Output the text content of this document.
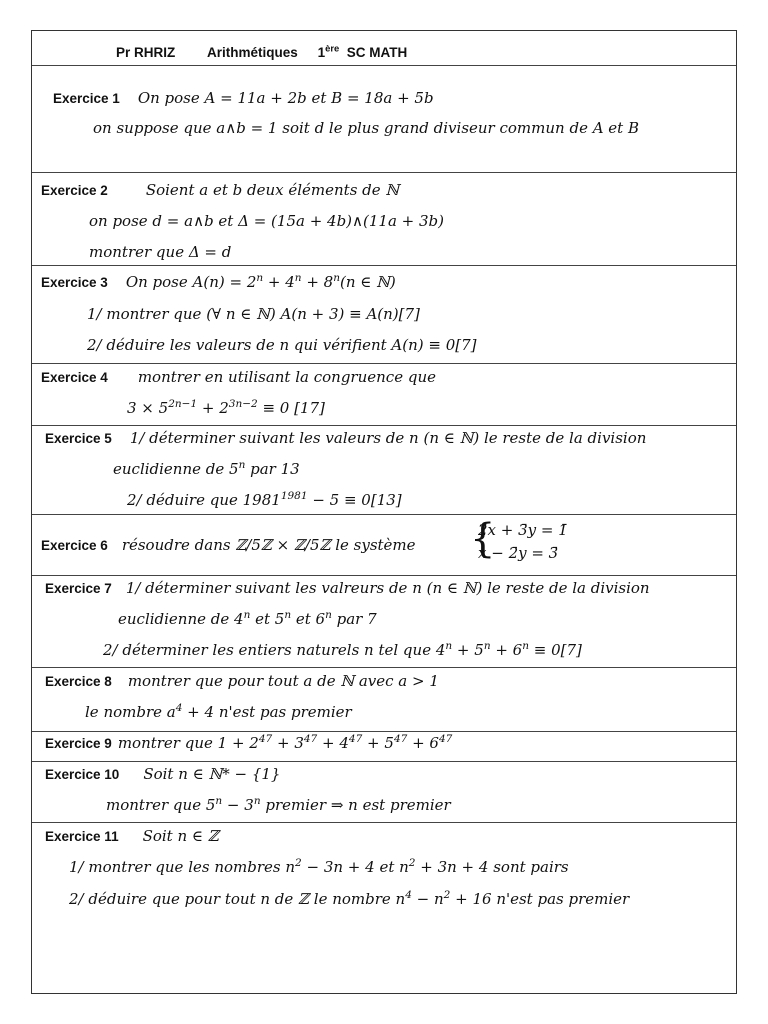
Pr RHRIZ Arithmétiques 1ère SC MATH
Exercice 1 On pose A = 11a + 2b et B = 18a + 5b
on suppose que a∧b = 1 soit d le plus grand diviseur commun de A et B
Exercice 2	Soient a et b deux éléments de ℕ
on pose d = a∧b et Δ = (15a + 4b)∧(11a + 3b)
montrer que Δ = d
Exercice 3 On pose $A(n) = 2^n + 4^n + 8^n(n$ ∈ ℕ)
1/ montrer que (∀ n ∈ ℕ) A(n + 3) ≡ A(n)[7]
2/ déduire les valeurs de n qui vérifient A(n) ≡ 0[7]
Exercice 4 montrer en utilisant la congruence que
$3 \times 5^{2n-1} + 2^{3n-2} \equiv 0$ [17]
Exercice 5 1/ déterminer suivant les valeurs de n (n ∈ ℕ) le reste de la division
euclidienne de 5$^n$ par 13
2/ déduire que $1981^{1981} - 5 \equiv 0[13]$
Exercice 6 résoudre dans ℤ/5ℤ × ℤ/5ℤ le système {
2̄x + 3̄y = 1̄
x − 2̄y = 3̄
Exercice 7 1/ déterminer suivant les valreurs de n (n ∈ ℕ) le reste de la division
euclidienne de 4$^n$ et 5$^n$ et 6$^n$ par 7
2/ déterminer les entiers naturels n tel que $4^n + 5^n + 6^n \equiv 0[7]$
Exercice 8 montrer que pour tout a de ℕ avec a > 1
le nombre $a^4 + 4$ n'est pas premier
Exercice 9 montrer que $1 + 2^{47} + 3^{47} + 4^{47} + 5^{47} + 6^{47}$
Exercice 10 Soit n ∈ ℕ* − {1}
montrer que $5^n - 3^n$ premier ⇒ n est premier
Exercice 11 Soit n ∈ ℤ
1/ montrer que les nombres $n^2 - 3n + 4$ et $n^2 + 3n + 4$ sont pairs
2/ déduire que pour tout n de ℤ le nombre $n^4 - n^2 + 16$ n'est pas premier
